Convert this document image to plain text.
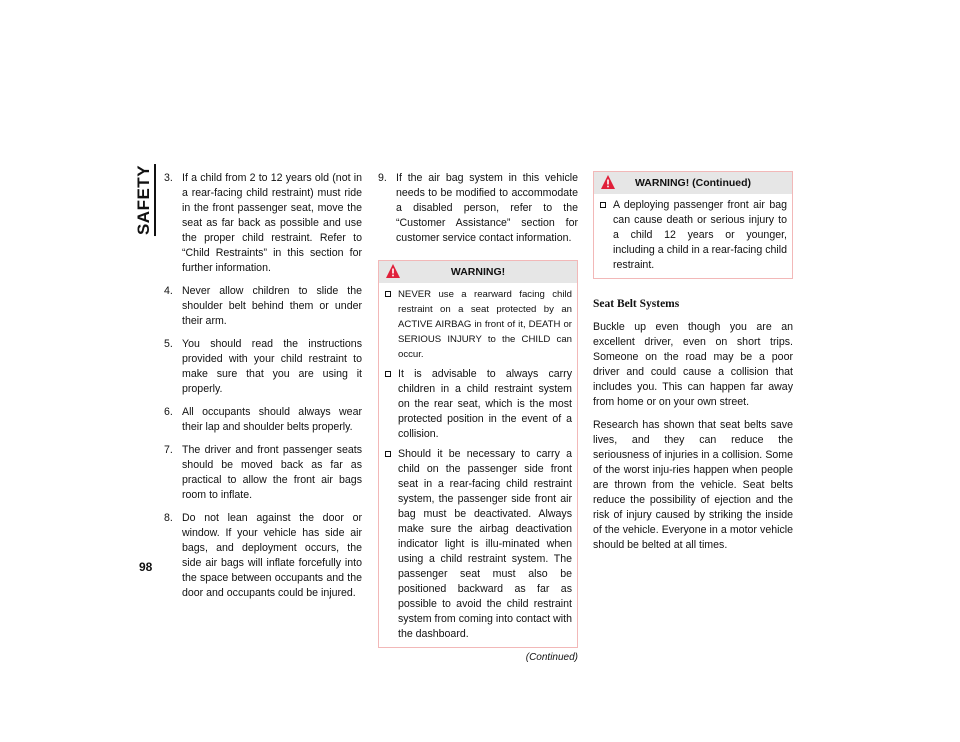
SAFETY
98
3. If a child from 2 to 12 years old (not in a rear-facing child restraint) must ride in the front passenger seat, move the seat as far back as possible and use the proper child restraint. Refer to “Child Restraints” in this section for further information.
4. Never allow children to slide the shoulder belt behind them or under their arm.
5. You should read the instructions provided with your child restraint to make sure that you are using it properly.
6. All occupants should always wear their lap and shoulder belts properly.
7. The driver and front passenger seats should be moved back as far as practical to allow the front air bags room to inflate.
8. Do not lean against the door or window. If your vehicle has side air bags, and deployment occurs, the side air bags will inflate forcefully into the space between occupants and the door and occupants could be injured.
9. If the air bag system in this vehicle needs to be modified to accommodate a disabled person, refer to the “Customer Assistance” section for customer service contact information.
WARNING!
NEVER use a rearward facing child restraint on a seat protected by an ACTIVE AIRBAG in front of it, DEATH or SERIOUS INJURY to the CHILD can occur.
It is advisable to always carry children in a child restraint system on the rear seat, which is the most protected position in the event of a collision.
Should it be necessary to carry a child on the passenger side front seat in a rear-facing child restraint system, the passenger side front air bag must be deactivated. Always make sure the airbag deactivation indicator light is illu-minated when using a child restraint system. The passenger seat must also be positioned backward as far as possible to avoid the child restraint system from coming into contact with the dashboard.
(Continued)
WARNING! (Continued)
A deploying passenger front air bag can cause death or serious injury to a child 12 years or younger, including a child in a rear-facing child restraint.
Seat Belt Systems

Buckle up even though you are an excellent driver, even on short trips. Someone on the road may be a poor driver and could cause a collision that includes you. This can happen far away from home or on your own street.

Research has shown that seat belts save lives, and they can reduce the seriousness of injuries in a collision. Some of the worst inju-ries happen when people are thrown from the vehicle. Seat belts reduce the possibility of ejection and the risk of injury caused by striking the inside of the vehicle. Everyone in a motor vehicle should be belted at all times.
